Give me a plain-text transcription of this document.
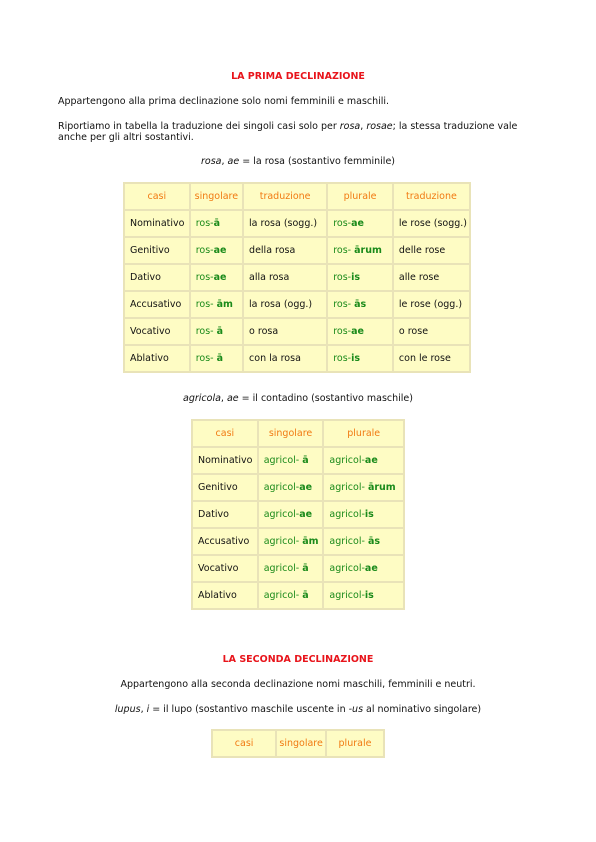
LA PRIMA DECLINAZIONE
Appartengono alla prima declinazione solo nomi femminili e maschili.
Riportiamo in tabella la traduzione dei singoli casi solo per rosa, rosae; la stessa traduzione vale anche per gli altri sostantivi.
rosa, ae = la rosa (sostantivo femminile)
casi	singolare	traduzione	plurale	traduzione
Nominativo	ros-ā	la rosa (sogg.)	ros-ae	le rose (sogg.)
Genitivo	ros-ae	della rosa	ros- ārum	delle rose
Dativo	ros-ae	alla rosa	ros-is	alle rose
Accusativo	ros- ām	la rosa (ogg.)	ros- ās	le rose (ogg.)
Vocativo	ros- ā	o rosa	ros-ae	o rose
Ablativo	ros- ā	con la rosa	ros-is	con le rose
agricola, ae = il contadino (sostantivo maschile)
casi	singolare	plurale
Nominativo	agricol- ā	agricol-ae
Genitivo	agricol-ae	agricol- ārum
Dativo	agricol-ae	agricol-is
Accusativo	agricol- ām	agricol- ās
Vocativo	agricol- ā	agricol-ae
Ablativo	agricol- ā	agricol-is
LA SECONDA DECLINAZIONE
Appartengono alla seconda declinazione nomi maschili, femminili e neutri.
lupus, i = il lupo (sostantivo maschile uscente in -us al nominativo singolare)
casi	singolare	plurale
